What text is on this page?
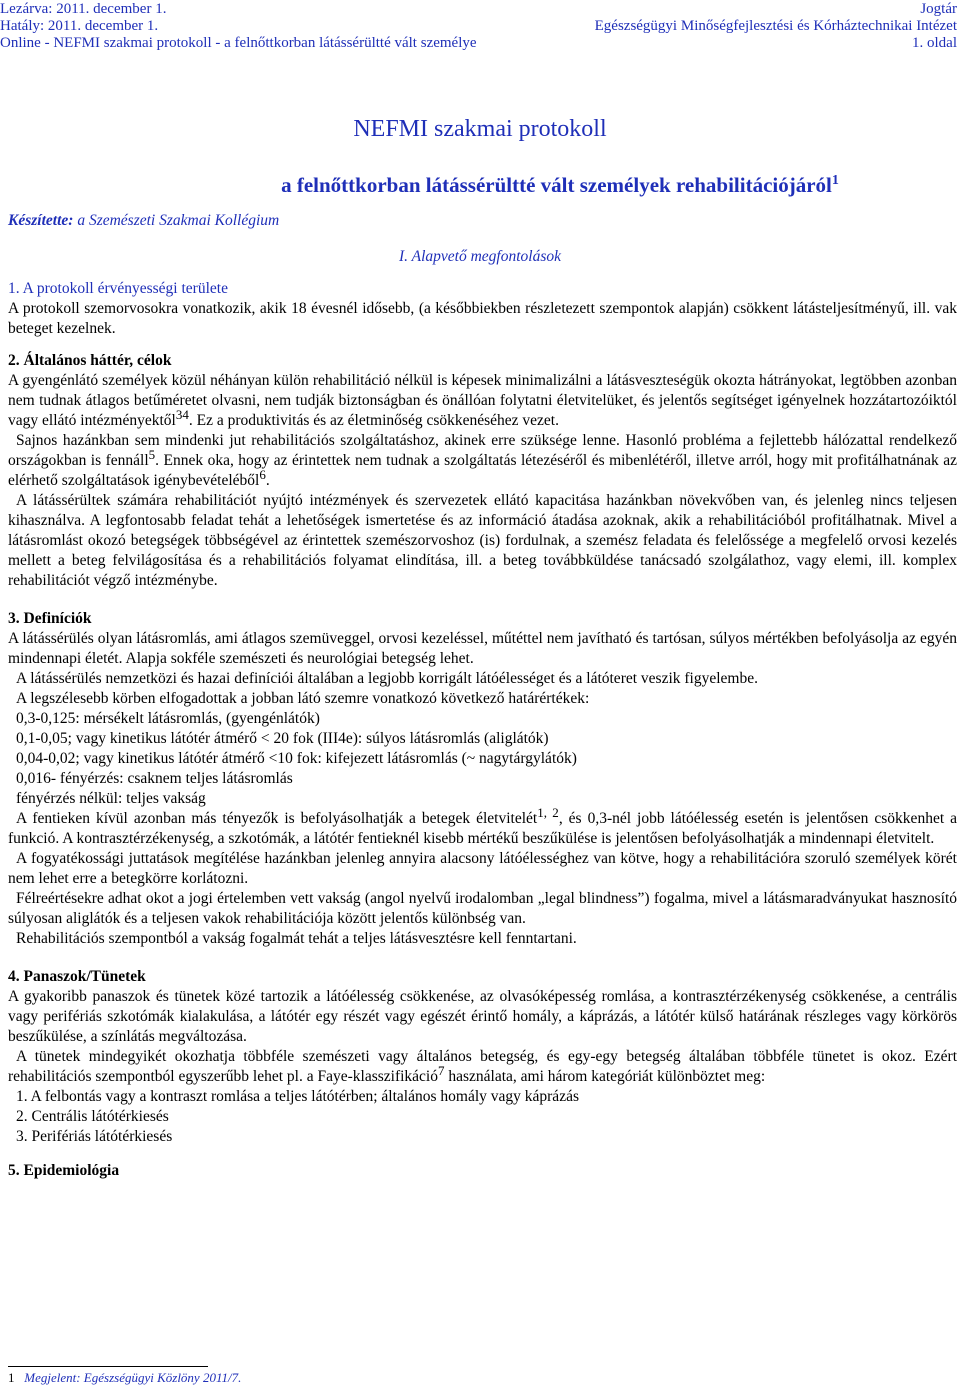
Lezárva: 2011. december 1.	Jogtár
Hatály: 2011. december 1.	Egészségügyi Minőségfejlesztési és Kórháztechnikai Intézet
Online - NEFMI szakmai protokoll - a felnőttkorban látássérültté vált személye	1. oldal
NEFMI szakmai protokoll
a felnőttkorban látássérültté vált személyek rehabilitációjáról$^1$
Készítette: a Szemészeti Szakmai Kollégium
I. Alapvető megfontolások

1. A protokoll érvényességi területe

A protokoll szemorvosokra vonatkozik, akik 18 évesnél idősebb, (a későbbiekben részletezett szempontok alapján) csökkent látásteljesítményű, ill. vak beteget kezelnek.

2. Általános háttér, célok

A gyengénlátó személyek közül néhányan külön rehabilitáció nélkül is képesek minimalizálni a látásveszteségük okozta hátrányokat, legtöbben azonban nem tudnak átlagos betűméretet olvasni, nem tudják biztonságban és önállóan folytatni életvitelüket, és jelentős segítséget igényelnek hozzátartozóiktól vagy ellátó intézményektől$^{34}$. Ez a produktivitás és az életminőség csökkenéséhez vezet.

Sajnos hazánkban sem mindenki jut rehabilitációs szolgáltatáshoz, akinek erre szüksége lenne. Hasonló probléma a fejlettebb hálózattal rendelkező országokban is fennáll$^5$. Ennek oka, hogy az érintettek nem tudnak a szolgáltatás létezéséről és mibenlétéről, illetve arról, hogy mit profitálhatnának az elérhető szolgáltatások igénybevételéből$^6$.

A látássérültek számára rehabilitációt nyújtó intézmények és szervezetek ellátó kapacitása hazánkban növekvőben van, és jelenleg nincs teljesen kihasználva. A legfontosabb feladat tehát a lehetőségek ismertetése és az információ átadása azoknak, akik a rehabilitációból profitálhatnak. Mivel a látásromlást okozó betegségek többségével az érintettek szemészorvoshoz (is) fordulnak, a szemész feladata és felelőssége a megfelelő orvosi kezelés mellett a beteg felvilágosítása és a rehabilitációs folyamat elindítása, ill. a beteg továbbküldése tanácsadó szolgálathoz, vagy elemi, ill. komplex rehabilitációt végző intézménybe.

3. Definíciók

A látássérülés olyan látásromlás, ami átlagos szemüveggel, orvosi kezeléssel, műtéttel nem javítható és tartósan, súlyos mértékben befolyásolja az egyén mindennapi életét. Alapja sokféle szemészeti és neurológiai betegség lehet.

A látássérülés nemzetközi és hazai definíciói általában a legjobb korrigált látóélességet és a látóteret veszik figyelembe.

A legszélesebb körben elfogadottak a jobban látó szemre vonatkozó következő határértékek:

0,3-0,125: mérsékelt látásromlás, (gyengénlátók)

0,1-0,05; vagy kinetikus látótér átmérő < 20 fok (III4e): súlyos látásromlás (aliglátók)

0,04-0,02; vagy kinetikus látótér átmérő <10 fok: kifejezett látásromlás (~ nagytárgylátók)

0,016- fényérzés: csaknem teljes látásromlás

fényérzés nélkül: teljes vakság

A fentieken kívül azonban más tényezők is befolyásolhatják a betegek életvitelét$^{1, 2}$, és 0,3-nél jobb látóélesség esetén is jelentősen csökkenhet a funkció. A kontrasztérzékenység, a szkotómák, a látótér fentieknél kisebb mértékű beszűkülése is jelentősen befolyásolhatják a mindennapi életvitelt.

A fogyatékossági juttatások megítélése hazánkban jelenleg annyira alacsony látóélességhez van kötve, hogy a rehabilitációra szoruló személyek körét nem lehet erre a betegkörre korlátozni.

Félreértésekre adhat okot a jogi értelemben vett vakság (angol nyelvű irodalomban „legal blindness”) fogalma, mivel a látásmaradványukat hasznosító súlyosan aliglátók és a teljesen vakok rehabilitációja között jelentős különbség van.

Rehabilitációs szempontból a vakság fogalmát tehát a teljes látásvesztésre kell fenntartani.

4. Panaszok/Tünetek

A gyakoribb panaszok és tünetek közé tartozik a látóélesség csökkenése, az olvasóképesség romlása, a kontrasztérzékenység csökkenése, a centrális vagy perifériás szkotómák kialakulása, a látótér egy részét vagy egészét érintő homály, a káprázás, a látótér külső határának részleges vagy körkörös beszűkülése, a színlátás megváltozása.

A tünetek mindegyikét okozhatja többféle szemészeti vagy általános betegség, és egy-egy betegség általában többféle tünetet is okoz. Ezért rehabilitációs szempontból egyszerűbb lehet pl. a Faye-klasszifikáció$^7$ használata, ami három kategóriát különböztet meg:

1. A felbontás vagy a kontraszt romlása a teljes látótérben; általános homály vagy káprázás

2. Centrális látótérkiesés

3. Perifériás látótérkiesés

5. Epidemiológia

1 Megjelent: Egészségügyi Közlöny 2011/7.
